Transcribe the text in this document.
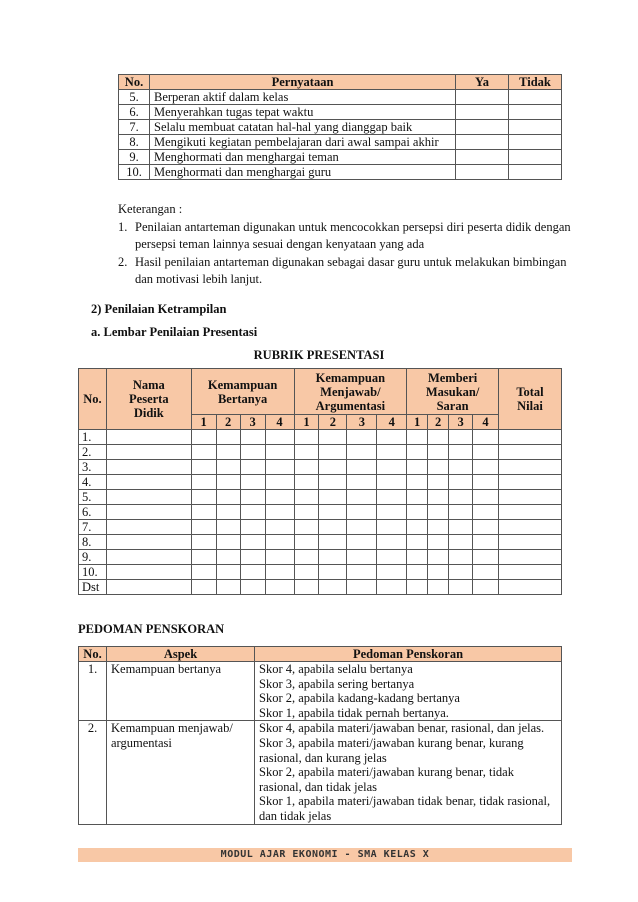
No.	Pernyataan	Ya	Tidak
5.	Berperan aktif dalam kelas		
6.	Menyerahkan tugas tepat waktu		
7.	Selalu membuat catatan hal-hal yang dianggap baik		
8.	Mengikuti kegiatan pembelajaran dari awal sampai akhir		
9.	Menghormati dan menghargai teman		
10.	Menghormati dan menghargai guru		
Keterangan :
1. Penilaian antarteman digunakan untuk mencocokkan persepsi diri peserta didik dengan persepsi teman lainnya sesuai dengan kenyataan yang ada
2. Hasil penilaian antarteman digunakan sebagai dasar guru untuk melakukan bimbingan dan motivasi lebih lanjut.
2) Penilaian Ketrampilan
a. Lembar Penilaian Presentasi
RUBRIK PRESENTASI
No.	Nama Peserta Didik	Kemampuan Bertanya				Kemampuan Menjawab/ Argumentasi				Memberi Masukan/ Saran				Total Nilai
		1	2	3	4	1	2	3	4	1	2	3	4	
1.														
2.														
3.														
4.														
5.														
6.														
7.														
8.														
9.														
10.														
Dst														
PEDOMAN PENSKORAN
No.	Aspek	Pedoman Penskoran
1.	Kemampuan bertanya	Skor 4, apabila selalu bertanya
Skor 3, apabila sering bertanya
Skor 2, apabila kadang-kadang bertanya
Skor 1, apabila tidak pernah bertanya.

2.	Kemampuan menjawab/ argumentasi	Skor 4, apabila materi/jawaban benar, rasional, dan jelas.
Skor 3, apabila materi/jawaban kurang benar, kurang rasional, dan kurang jelas
Skor 2, apabila materi/jawaban kurang benar, tidak rasional, dan tidak jelas
Skor 1, apabila materi/jawaban tidak benar, tidak rasional, dan tidak jelas
MODUL AJAR EKONOMI - SMA KELAS X
